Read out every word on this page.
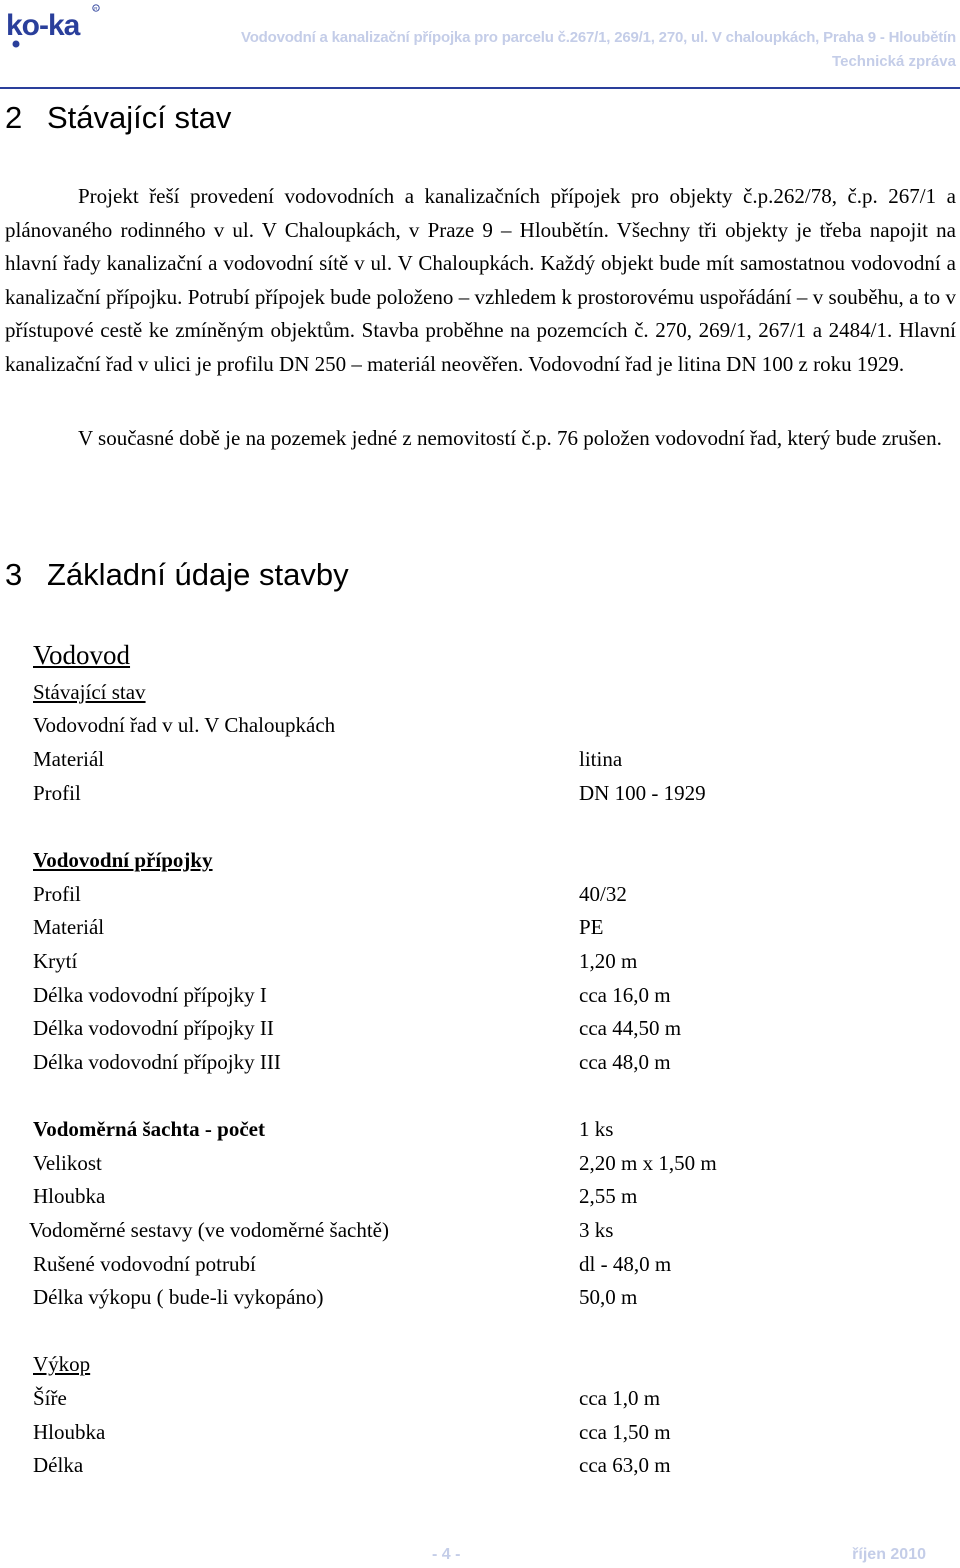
ko-ka
R
Vodovodní a kanalizační přípojka pro parcelu č.267/1, 269/1, 270, ul. V chaloupkách, Praha 9 - Hloubětín
Technická zpráva
2 Stávající stav

Projekt řeší provedení vodovodních a kanalizačních přípojek pro objekty č.p.262/78, č.p. 267/1 a plánovaného rodinného v ul. V Chaloupkách, v Praze 9 – Hloubětín. Všechny tři objekty je třeba napojit na hlavní řady kanalizační a vodovodní sítě v ul. V Chaloupkách. Každý objekt bude mít samostatnou vodovodní a kanalizační přípojku. Potrubí přípojek bude položeno – vzhledem k prostorovému uspořádání – v souběhu, a to v přístupové cestě ke zmíněným objektům. Stavba proběhne na pozemcích č. 270, 269/1, 267/1 a 2484/1. Hlavní kanalizační řad v ulici je profilu DN 250 – materiál neověřen. Vodovodní řad je litina DN 100 z roku 1929.

V současné době je na pozemek jedné z nemovitostí č.p. 76 položen vodovodní řad, který bude zrušen.

3 Základní údaje stavby
Vodovod
Stávající stav
Vodovodní řad v ul. V Chaloupkách
Materiál	litina
Profil	DN 100 - 1929
Vodovodní přípojky
Profil	40/32
Materiál	PE
Krytí	1,20 m
Délka vodovodní přípojky I	cca 16,0 m
Délka vodovodní přípojky II	cca 44,50 m
Délka vodovodní přípojky III	cca 48,0 m
Vodoměrná šachta - počet	1 ks
Velikost	2,20 m x 1,50 m
Hloubka	2,55 m
Vodoměrné sestavy (ve vodoměrné šachtě)	3 ks
Rušené vodovodní potrubí	dl - 48,0 m
Délka výkopu ( bude-li vykopáno)	50,0 m
Výkop
Šíře	cca 1,0 m
Hloubka	cca 1,50 m
Délka	cca 63,0 m
- 4 -	říjen 2010
